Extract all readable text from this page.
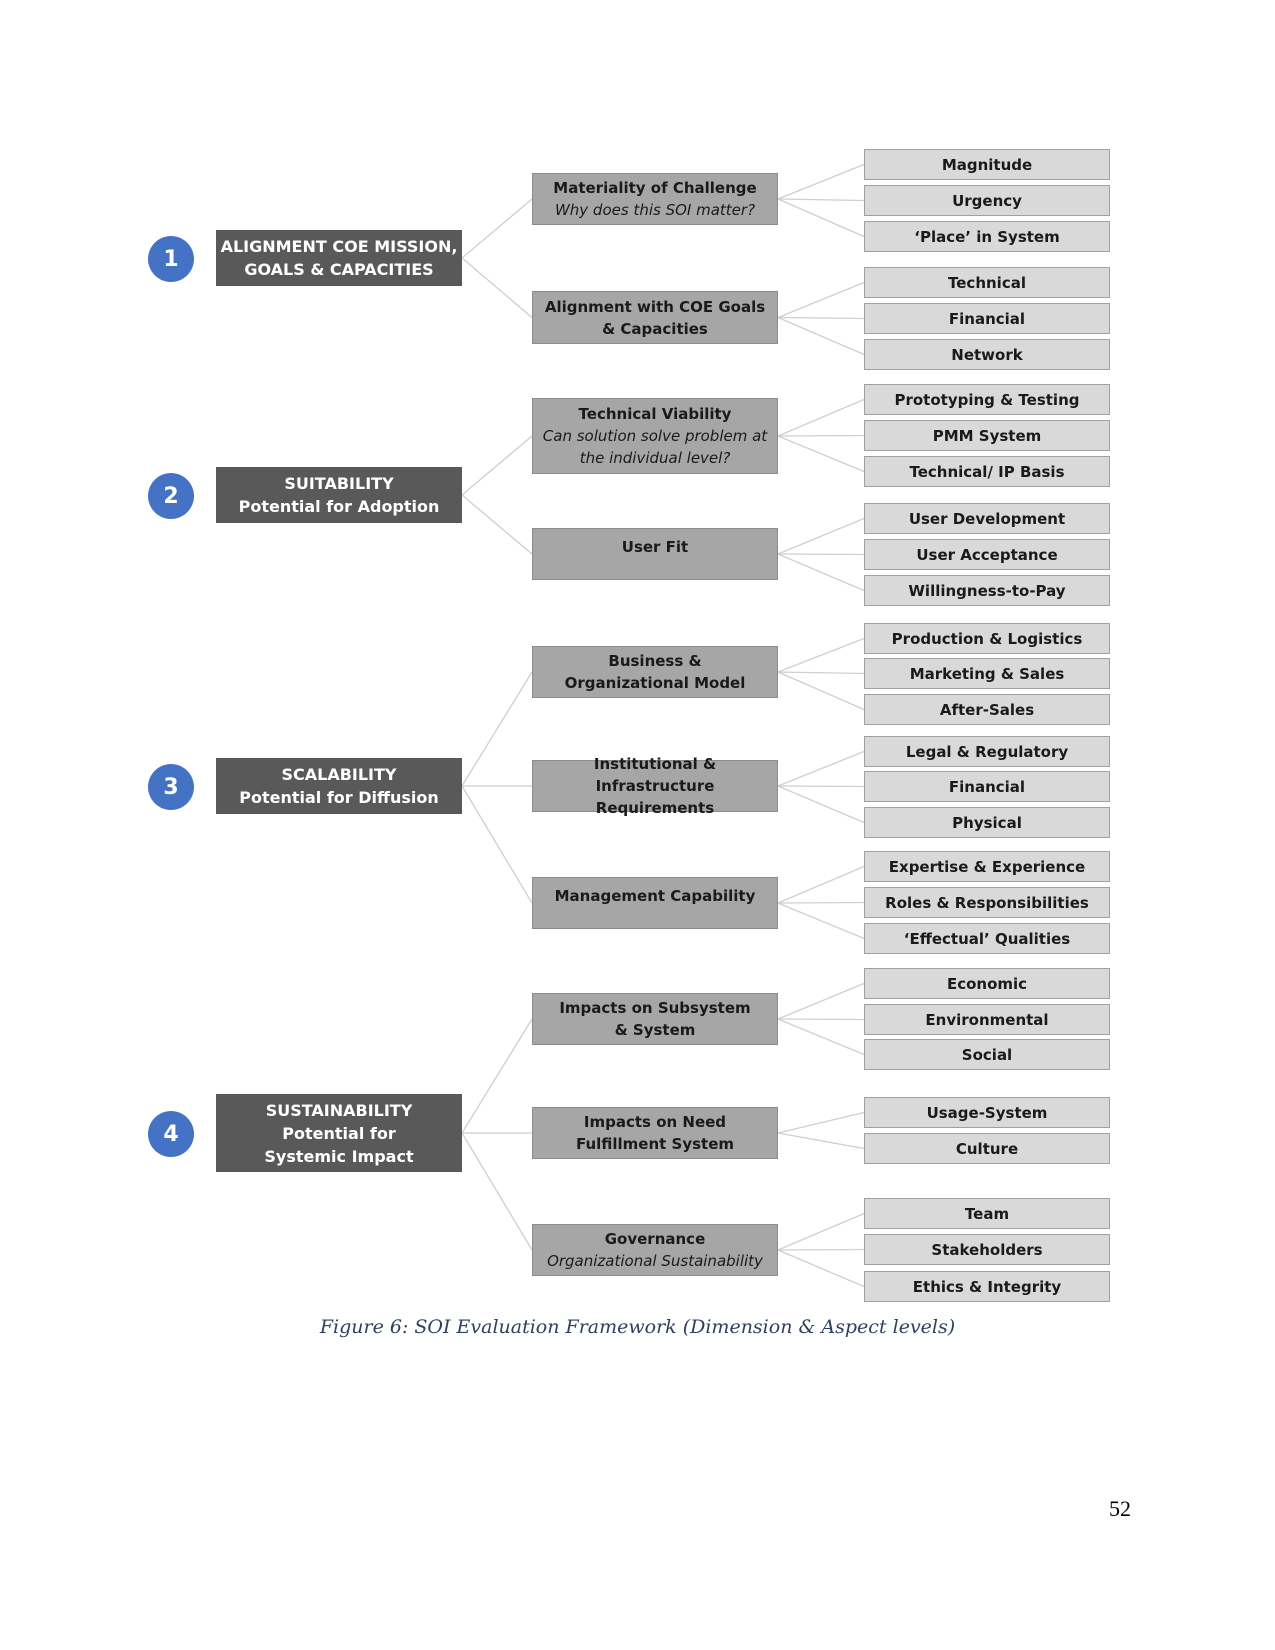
1	ALIGNMENT COE MISSION,
GOALS & CAPACITIES
Materiality of Challenge
Why does this SOI matter?
Alignment with COE Goals & Capacities
Magnitude
Urgency
‘Place’ in System
Technical
Financial
Network
2	SUITABILITY
Potential for Adoption
Technical Viability
Can solution solve problem at the individual level?
User Fit
Prototyping & Testing
PMM System
Technical/ IP Basis
User Development
User Acceptance
Willingness-to-Pay
3	SCALABILITY
Potential for Diffusion
Business & Organizational Model
Institutional & Infrastructure Requirements
Management Capability
Production & Logistics
Marketing & Sales
After-Sales
Legal & Regulatory
Financial
Physical
Expertise & Experience
Roles & Responsibilities
‘Effectual’ Qualities
4
SUSTAINABILITY
Potential for Systemic Impact
Impacts on Subsystem & System
Impacts on Need Fulfillment System
Governance
Organizational Sustainability
Economic
Environmental
Social
Usage-System
Culture
Team
Stakeholders
Ethics & Integrity
Figure 6: SOI Evaluation Framework (Dimension & Aspect levels)
52
